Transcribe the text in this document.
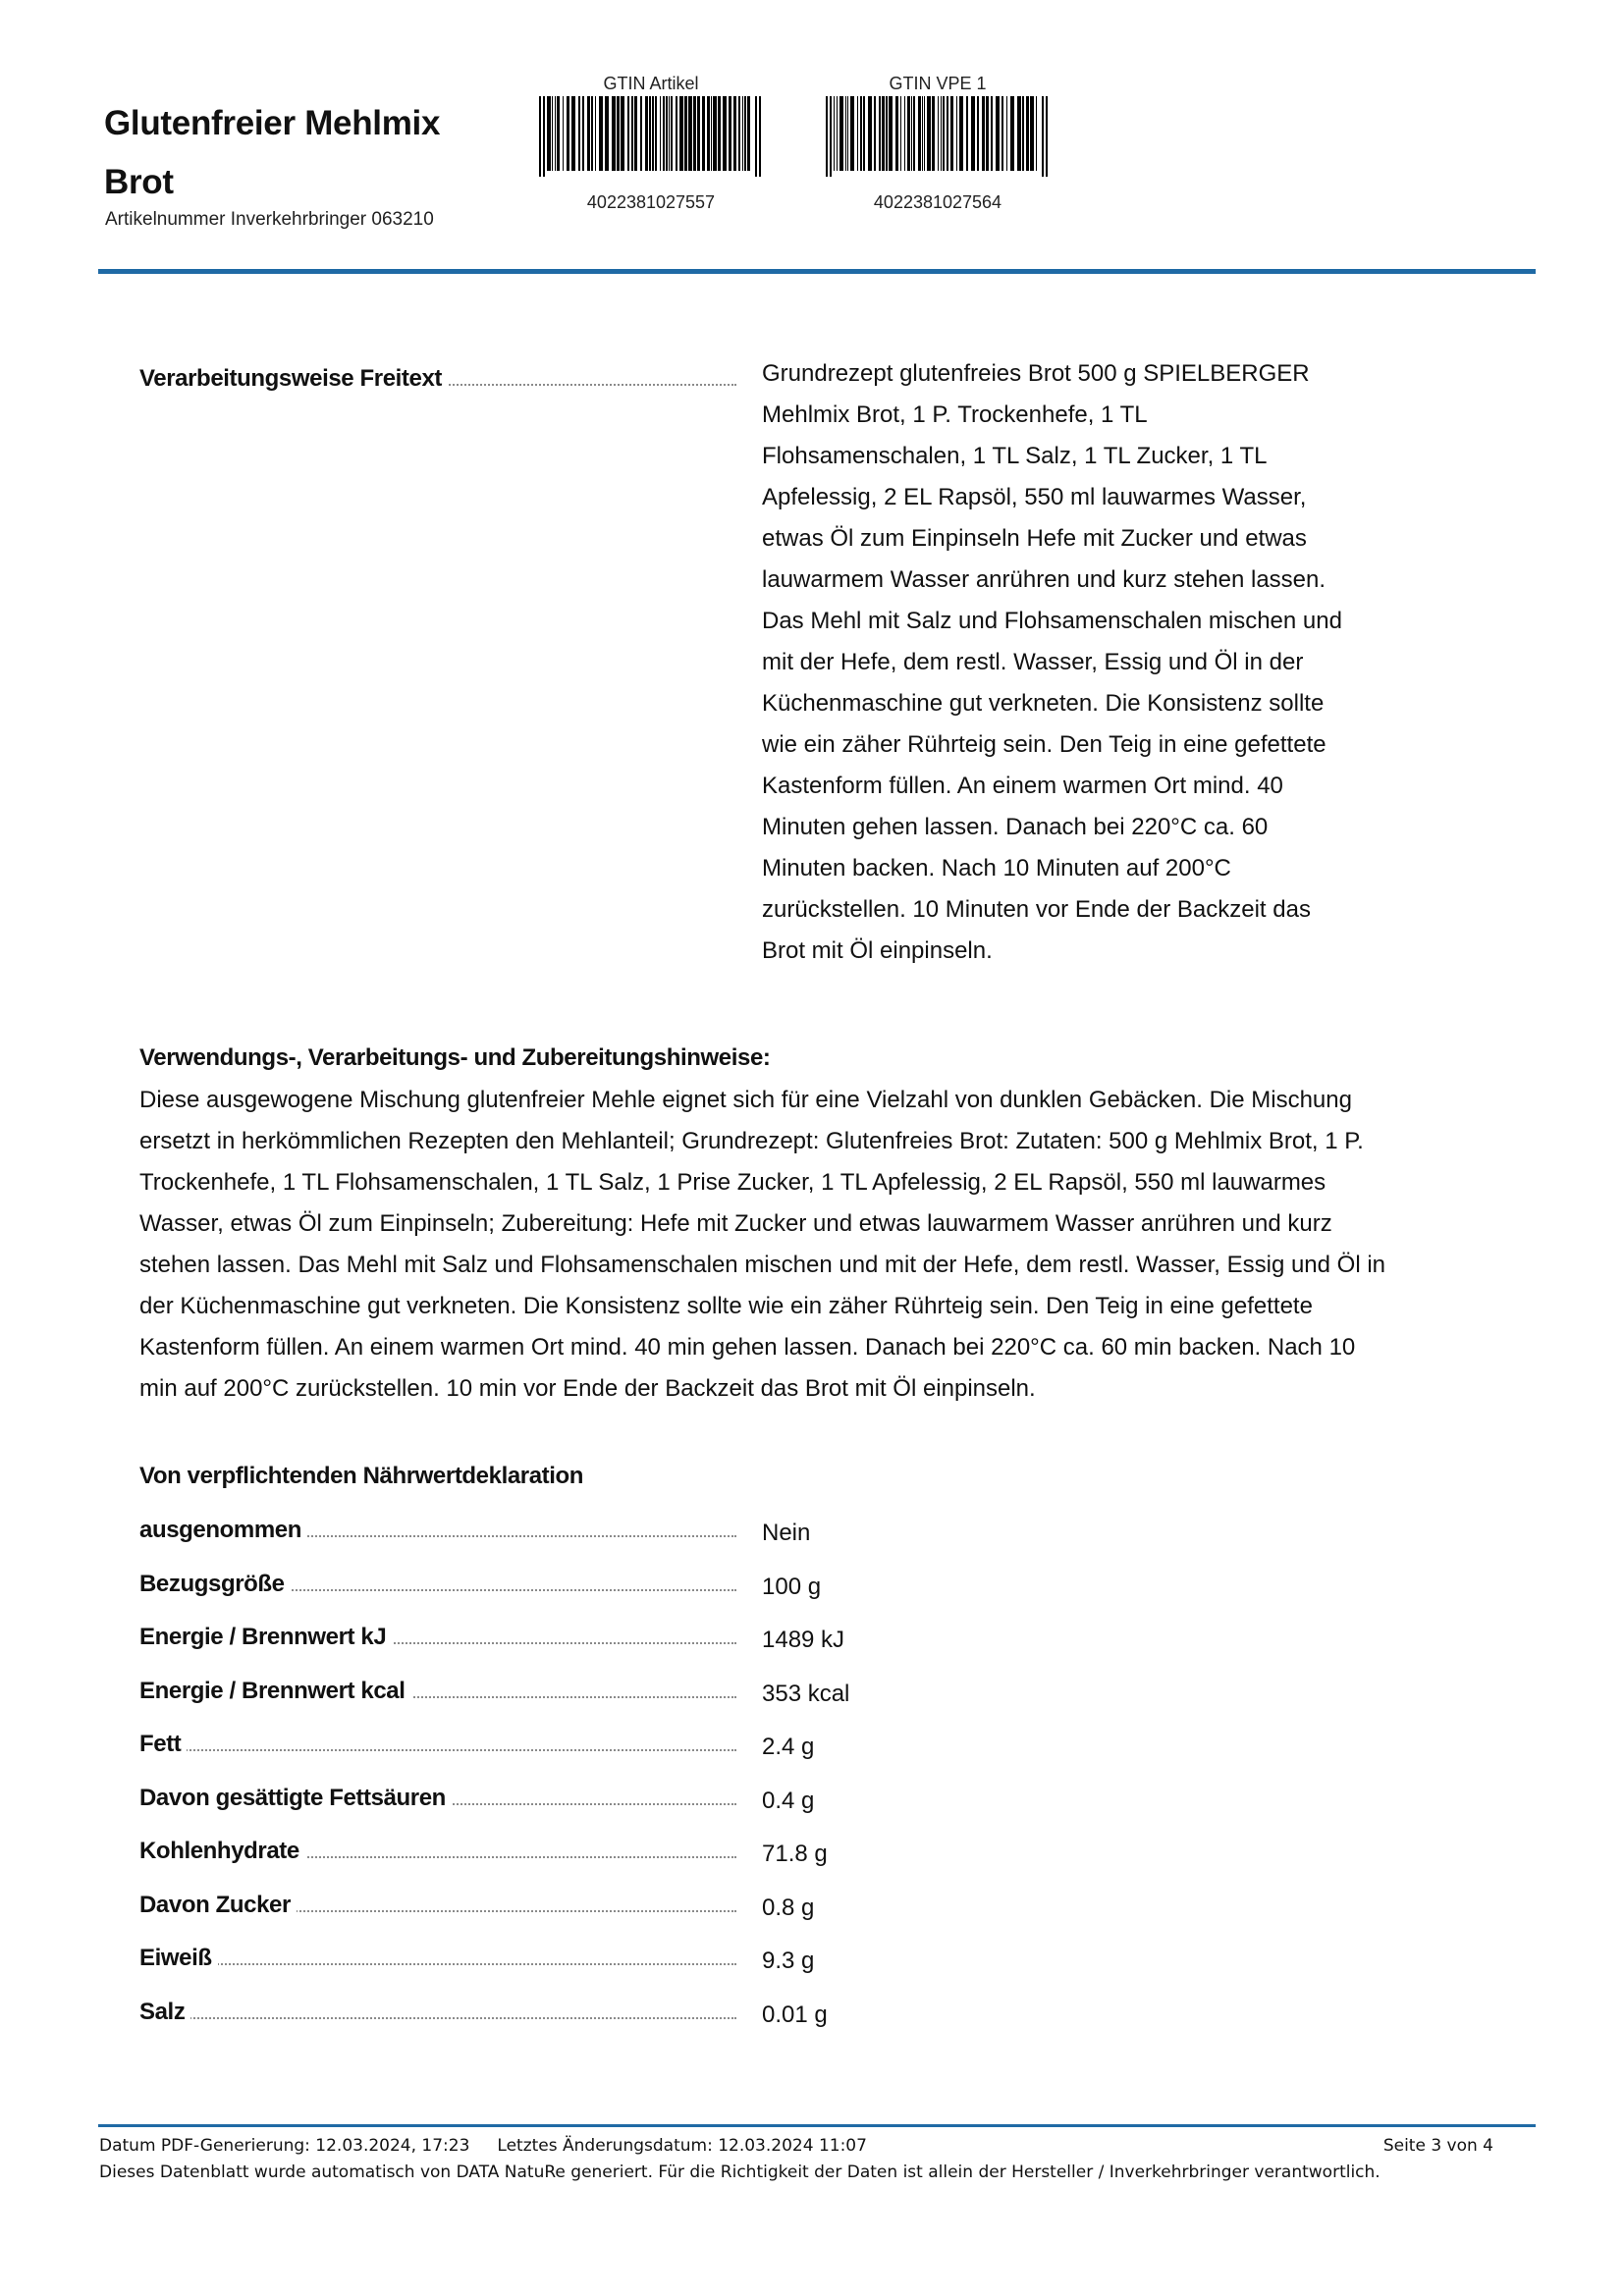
Glutenfreier Mehlmix Brot
Artikelnummer Inverkehrbringer 063210
GTIN Artikel
4022381027557
GTIN VPE 1
4022381027564
Verarbeitungsweise Freitext	Grundrezept glutenfreies Brot 500 g SPIELBERGER Mehlmix Brot, 1 P. Trockenhefe, 1 TL Flohsamenschalen, 1 TL Salz, 1 TL Zucker, 1 TL Apfelessig, 2 EL Rapsöl, 550 ml lauwarmes Wasser, etwas Öl zum Einpinseln Hefe mit Zucker und etwas lauwarmem Wasser anrühren und kurz stehen lassen. Das Mehl mit Salz und Flohsamenschalen mischen und mit der Hefe, dem restl. Wasser, Essig und Öl in der Küchenmaschine gut verkneten. Die Konsistenz sollte wie ein zäher Rührteig sein. Den Teig in eine gefettete Kastenform füllen. An einem warmen Ort mind. 40 Minuten gehen lassen. Danach bei 220°C ca. 60 Minuten backen. Nach 10 Minuten auf 200°C zurückstellen. 10 Minuten vor Ende der Backzeit das Brot mit Öl einpinseln.
Verwendungs-, Verarbeitungs- und Zubereitungshinweise:
Diese ausgewogene Mischung glutenfreier Mehle eignet sich für eine Vielzahl von dunklen Gebäcken. Die Mischung ersetzt in herkömmlichen Rezepten den Mehlanteil; Grundrezept: Glutenfreies Brot: Zutaten: 500 g Mehlmix Brot, 1 P. Trockenhefe, 1 TL Flohsamenschalen, 1 TL Salz, 1 Prise Zucker, 1 TL Apfelessig, 2 EL Rapsöl, 550 ml lauwarmes Wasser, etwas Öl zum Einpinseln; Zubereitung: Hefe mit Zucker und etwas lauwarmem Wasser anrühren und kurz stehen lassen. Das Mehl mit Salz und Flohsamenschalen mischen und mit der Hefe, dem restl. Wasser, Essig und Öl in der Küchenmaschine gut verkneten. Die Konsistenz sollte wie ein zäher Rührteig sein. Den Teig in eine gefettete Kastenform füllen. An einem warmen Ort mind. 40 min gehen lassen. Danach bei 220°C ca. 60 min backen. Nach 10 min auf 200°C zurückstellen. 10 min vor Ende der Backzeit das Brot mit Öl einpinseln.
Von verpflichtenden Nährwertdeklaration
ausgenommen	Nein
Bezugsgröße	100 g
Energie / Brennwert kJ	1489 kJ
Energie / Brennwert kcal	353 kcal
Fett	2.4 g
Davon gesättigte Fettsäuren	0.4 g
Kohlenhydrate	71.8 g
Davon Zucker	0.8 g
Eiweiß	9.3 g
Salz	0.01 g
Datum PDF-Generierung: 12.03.2024, 17:23 Letztes Änderungsdatum: 12.03.2024 11:07	Seite 3 von 4
Dieses Datenblatt wurde automatisch von DATA NatuRe generiert. Für die Richtigkeit der Daten ist allein der Hersteller / Inverkehrbringer verantwortlich.
